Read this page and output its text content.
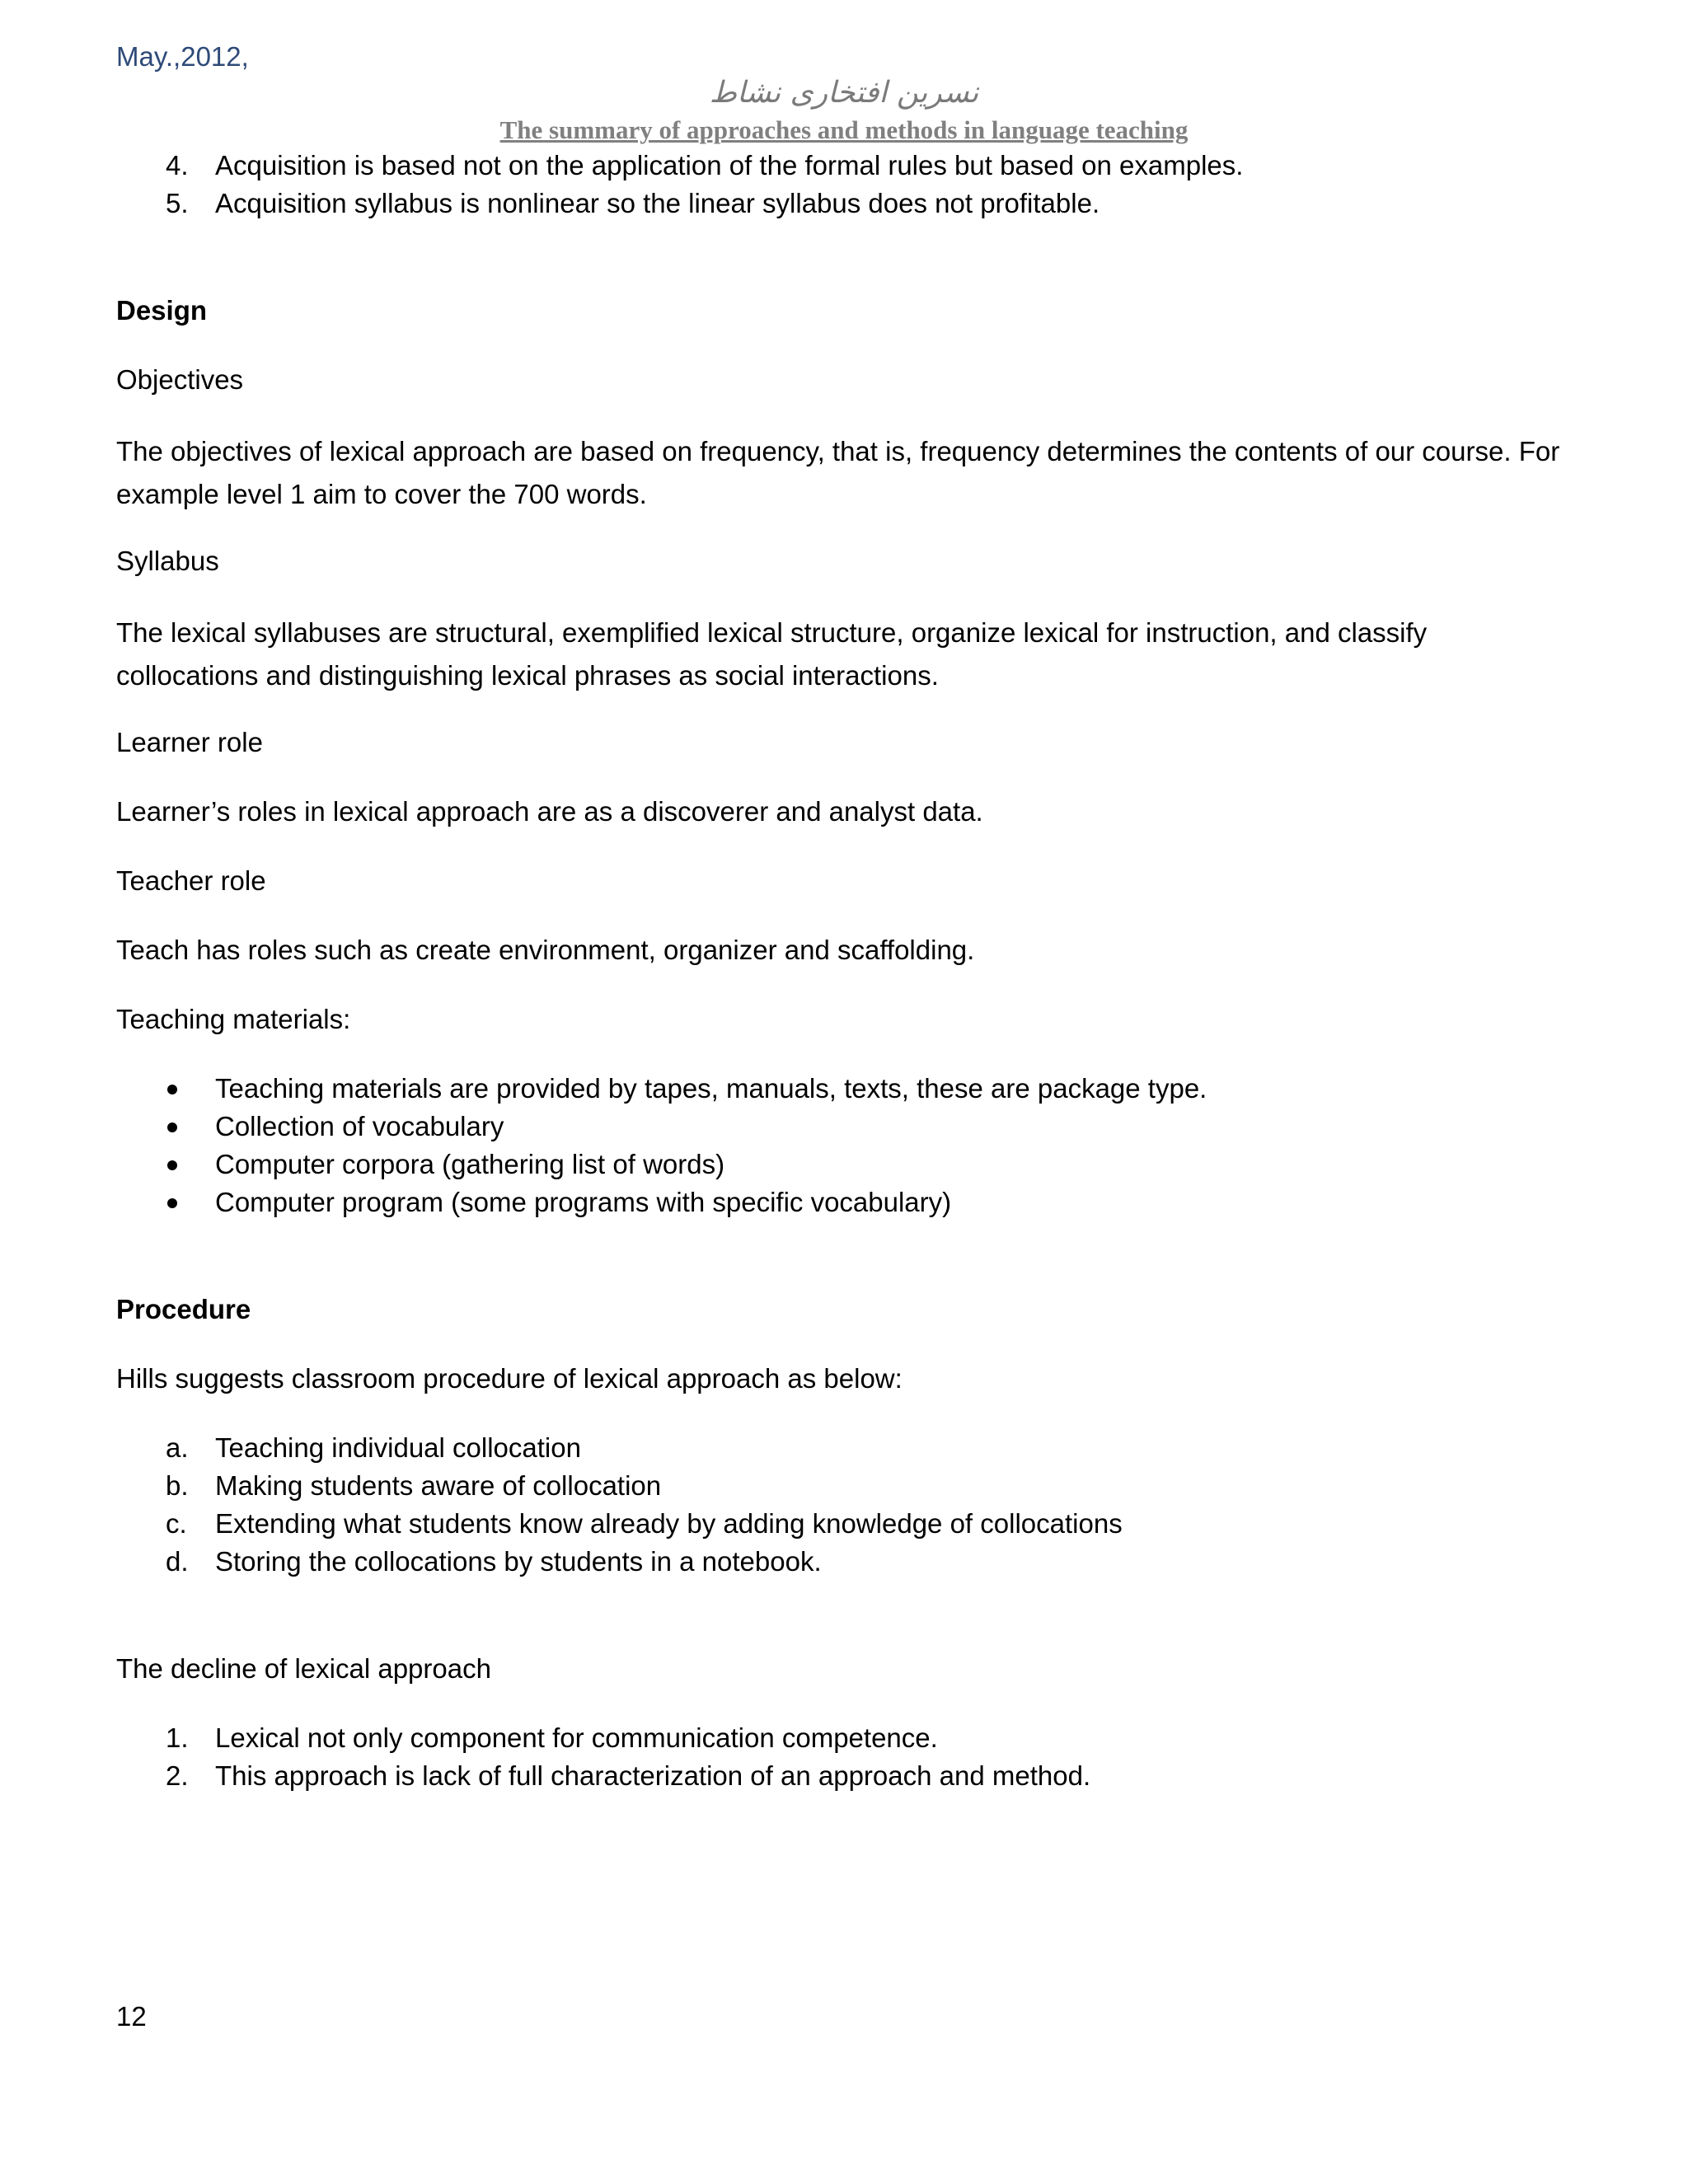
May.,2012,
نسرین افتخاری نشاط
The summary of approaches and methods in language teaching
4. Acquisition is based not on the application of the formal rules but based on examples.
5. Acquisition syllabus is nonlinear so the linear syllabus does not profitable.

Design

Objectives

The objectives of lexical approach are based on frequency, that is, frequency determines the contents of our course. For example level 1 aim to cover the 700 words.

Syllabus

The lexical syllabuses are structural, exemplified lexical structure, organize lexical for instruction, and classify collocations and distinguishing lexical phrases as social interactions.

Learner role

Learner’s roles in lexical approach are as a discoverer and analyst data.

Teacher role

Teach has roles such as create environment, organizer and scaffolding.

Teaching materials:

Teaching materials are provided by tapes, manuals, texts, these are package type.
Collection of vocabulary
Computer corpora (gathering list of words)
Computer program (some programs with specific vocabulary)

Procedure

Hills suggests classroom procedure of lexical approach as below:

a. Teaching individual collocation
b. Making students aware of collocation
c. Extending what students know already by adding knowledge of collocations
d. Storing the collocations by students in a notebook.

The decline of lexical approach

1. Lexical not only component for communication competence.
2. This approach is lack of full characterization of an approach and method.
12
